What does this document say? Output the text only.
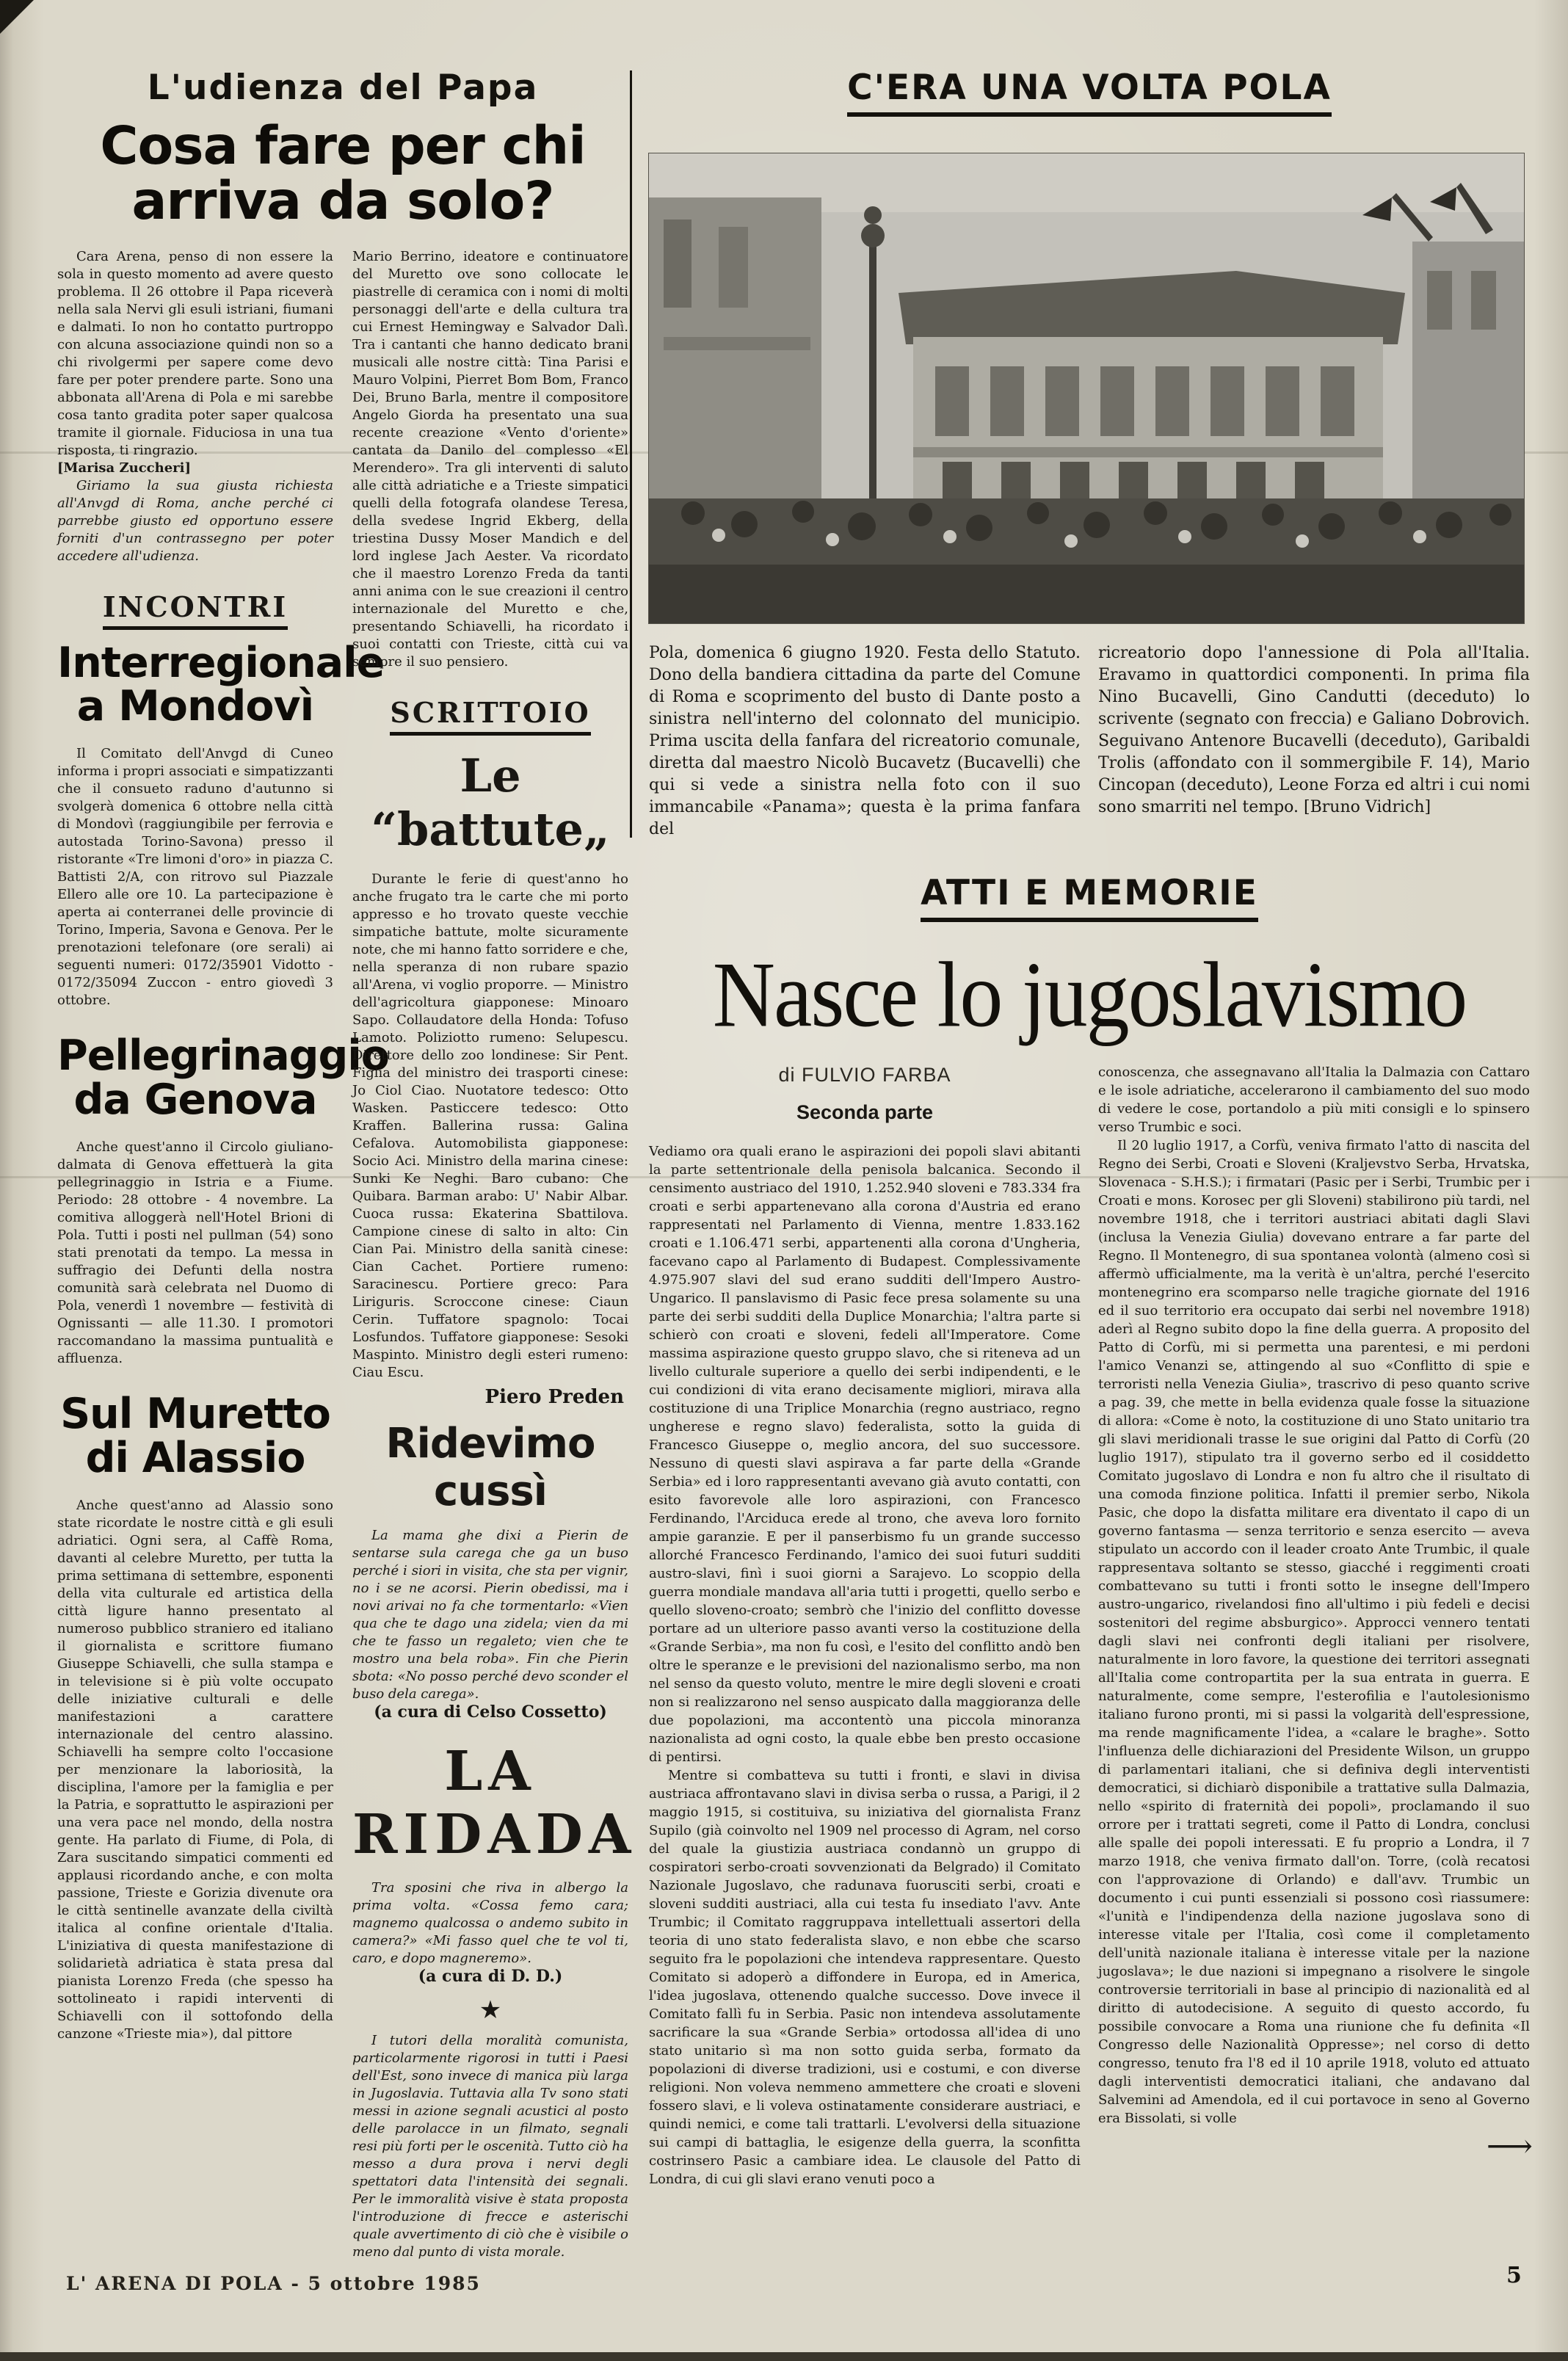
L'udienza del Papa
Cosa fare per chi arriva da solo?

Cara Arena, penso di non essere la sola in questo momento ad avere questo problema. Il 26 ottobre il Papa riceverà nella sala Nervi gli esuli istriani, fiumani e dalmati. Io non ho contatto purtroppo con alcuna associazione quindi non so a chi rivolgermi per sapere come devo fare per poter prendere parte. Sono una abbonata all'Arena di Pola e mi sarebbe cosa tanto gradita poter saper qualcosa tramite il giornale. Fiduciosa in una tua risposta, ti ringrazio.

[Marisa Zuccheri]

Giriamo la sua giusta richiesta all'Anvgd di Roma, anche perché ci parrebbe giusto ed opportuno essere forniti d'un contrassegno per poter accedere all'udienza.

INCONTRI
Interregionale a Mondovì

Il Comitato dell'Anvgd di Cuneo informa i propri associati e simpatizzanti che il consueto raduno d'autunno si svolgerà domenica 6 ottobre nella città di Mondovì (raggiungibile per ferrovia e autostada Torino-Savona) presso il ristorante «Tre limoni d'oro» in piazza C. Battisti 2/A, con ritrovo sul Piazzale Ellero alle ore 10. La partecipazione è aperta ai conterranei delle provincie di Torino, Imperia, Savona e Genova. Per le prenotazioni telefonare (ore serali) ai seguenti numeri: 0172/35901 Vidotto - 0172/35094 Zuccon - entro giovedì 3 ottobre.

Pellegrinaggio da Genova

Anche quest'anno il Circolo giuliano-dalmata di Genova effettuerà la gita pellegrinaggio in Istria e a Fiume. Periodo: 28 ottobre - 4 novembre. La comitiva alloggerà nell'Hotel Brioni di Pola. Tutti i posti nel pullman (54) sono stati prenotati da tempo. La messa in suffragio dei Defunti della nostra comunità sarà celebrata nel Duomo di Pola, venerdì 1 novembre — festività di Ognissanti — alle 11.30. I promotori raccomandano la massima puntualità e affluenza.

Sul Muretto di Alassio

Anche quest'anno ad Alassio sono state ricordate le nostre città e gli esuli adriatici. Ogni sera, al Caffè Roma, davanti al celebre Muretto, per tutta la prima settimana di settembre, esponenti della vita culturale ed artistica della città ligure hanno presentato al numeroso pubblico straniero ed italiano il giornalista e scrittore fiumano Giuseppe Schiavelli, che sulla stampa e in televisione si è più volte occupato delle iniziative culturali e delle manifestazioni a carattere internazionale del centro alassino. Schiavelli ha sempre colto l'occasione per menzionare la laboriosità, la disciplina, l'amore per la famiglia e per la Patria, e soprattutto le aspirazioni per una vera pace nel mondo, della nostra gente. Ha parlato di Fiume, di Pola, di Zara suscitando simpatici commenti ed applausi ricordando anche, e con molta passione, Trieste e Gorizia divenute ora le città sentinelle avanzate della civiltà italica al confine orientale d'Italia. L'iniziativa di questa manifestazione di solidarietà adriatica è stata presa dal pianista Lorenzo Freda (che spesso ha sottolineato i rapidi interventi di Schiavelli con il sottofondo della canzone «Trieste mia»), dal pittore

Mario Berrino, ideatore e continuatore del Muretto ove sono collocate le piastrelle di ceramica con i nomi di molti personaggi dell'arte e della cultura tra cui Ernest Hemingway e Salvador Dalì. Tra i cantanti che hanno dedicato brani musicali alle nostre città: Tina Parisi e Mauro Volpini, Pierret Bom Bom, Franco Dei, Bruno Barla, mentre il compositore Angelo Giorda ha presentato una sua recente creazione «Vento d'oriente» cantata da Danilo del complesso «El Merendero». Tra gli interventi di saluto alle città adriatiche e a Trieste simpatici quelli della fotografa olandese Teresa, della svedese Ingrid Ekberg, della triestina Dussy Moser Mandich e del lord inglese Jach Aester. Va ricordato che il maestro Lorenzo Freda da tanti anni anima con le sue creazioni il centro internazionale del Muretto e che, presentando Schiavelli, ha ricordato i suoi contatti con Trieste, città cui va sempre il suo pensiero.

SCRITTOIO
Le “battute„

Durante le ferie di quest'anno ho anche frugato tra le carte che mi porto appresso e ho trovato queste vecchie simpatiche battute, molte sicuramente note, che mi hanno fatto sorridere e che, nella speranza di non rubare spazio all'Arena, vi voglio proporre. — Ministro dell'agricoltura giapponese: Minoaro Sapo. Collaudatore della Honda: Tofuso Lamoto. Poliziotto rumeno: Selupescu. Direttore dello zoo londinese: Sir Pent. Figlia del ministro dei trasporti cinese: Jo Ciol Ciao. Nuotatore tedesco: Otto Wasken. Pasticcere tedesco: Otto Kraffen. Ballerina russa: Galina Cefalova. Automobilista giapponese: Socio Aci. Ministro della marina cinese: Sunki Ke Neghi. Baro cubano: Che Quibara. Barman arabo: U' Nabir Albar. Cuoca russa: Ekaterina Sbattilova. Campione cinese di salto in alto: Cin Cian Pai. Ministro della sanità cinese: Cian Cachet. Portiere rumeno: Saracinescu. Portiere greco: Para Liriguris. Scroccone cinese: Ciaun Cerin. Tuffatore spagnolo: Tocai Losfundos. Tuffatore giapponese: Sesoki Maspinto. Ministro degli esteri rumeno: Ciau Escu.

Piero Preden
Ridevimo cussì

La mama ghe dixi a Pierin de sentarse sula carega che ga un buso perché i siori in visita, che sta per vignir, no i se ne acorsi. Pierin obedissi, ma i novi arivai no fa che tormentarlo: «Vien qua che te dago una zidela; vien da mi che te fasso un regaleto; vien che te mostro una bela roba». Fin che Pierin sbota: «No posso perché devo sconder el buso dela carega».

(a cura di Celso Cossetto)

LA RIDADA

Tra sposini che riva in albergo la prima volta. «Cossa femo cara; magnemo qualcossa o andemo subito in camera?» «Mi fasso quel che te vol ti, caro, e dopo magneremo».

(a cura di D. D.)

★

I tutori della moralità comunista, particolarmente rigorosi in tutti i Paesi dell'Est, sono invece di manica più larga in Jugoslavia. Tuttavia alla Tv sono stati messi in azione segnali acustici al posto delle parolacce in un filmato, segnali resi più forti per le oscenità. Tutto ciò ha messo a dura prova i nervi degli spettatori data l'intensità dei segnali. Per le immoralità visive è stata proposta l'introduzione di frecce e asterischi quale avvertimento di ciò che è visibile o meno dal punto di vista morale.

C'ERA UNA VOLTA POLA
Pola, domenica 6 giugno 1920. Festa dello Statuto. Dono della bandiera cittadina da parte del Comune di Roma e scoprimento del busto di Dante posto a sinistra nell'interno del colonnato del municipio. Prima uscita della fanfara del ricreatorio comunale, diretta dal maestro Nicolò Bucavetz (Bucavelli) che qui si vede a sinistra nella foto con il suo immancabile «Panama»; questa è la prima fanfara del
ricreatorio dopo l'annessione di Pola all'Italia. Eravamo in quattordici componenti. In prima fila Nino Bucavelli, Gino Candutti (deceduto) lo scrivente (segnato con freccia) e Galiano Dobrovich. Seguivano Antenore Bucavelli (deceduto), Garibaldi Trolis (affondato con il sommergibile F. 14), Mario Cincopan (deceduto), Leone Forza ed altri i cui nomi sono smarriti nel tempo. [Bruno Vidrich]
ATTI E MEMORIE
Nasce lo jugoslavismo
di FULVIO FARBA
Seconda parte

Vediamo ora quali erano le aspirazioni dei popoli slavi abitanti la parte settentrionale della penisola balcanica. Secondo il censimento austriaco del 1910, 1.252.940 sloveni e 783.334 fra croati e serbi appartenevano alla corona d'Austria ed erano rappresentati nel Parlamento di Vienna, mentre 1.833.162 croati e 1.106.471 serbi, appartenenti alla corona d'Ungheria, facevano capo al Parlamento di Budapest. Complessivamente 4.975.907 slavi del sud erano sudditi dell'Impero Austro-Ungarico. Il panslavismo di Pasic fece presa solamente su una parte dei serbi sudditi della Duplice Monarchia; l'altra parte si schierò con croati e sloveni, fedeli all'Imperatore. Come massima aspirazione questo gruppo slavo, che si riteneva ad un livello culturale superiore a quello dei serbi indipendenti, e le cui condizioni di vita erano decisamente migliori, mirava alla costituzione di una Triplice Monarchia (regno austriaco, regno ungherese e regno slavo) federalista, sotto la guida di Francesco Giuseppe o, meglio ancora, del suo successore. Nessuno di questi slavi aspirava a far parte della «Grande Serbia» ed i loro rappresentanti avevano già avuto contatti, con esito favorevole alle loro aspirazioni, con Francesco Ferdinando, l'Arciduca erede al trono, che aveva loro fornito ampie garanzie. E per il panserbismo fu un grande successo allorché Francesco Ferdinando, l'amico dei suoi futuri sudditi austro-slavi, finì i suoi giorni a Sarajevo. Lo scoppio della guerra mondiale mandava all'aria tutti i progetti, quello serbo e quello sloveno-croato; sembrò che l'inizio del conflitto dovesse portare ad un ulteriore passo avanti verso la costituzione della «Grande Serbia», ma non fu così, e l'esito del conflitto andò ben oltre le speranze e le previsioni del nazionalismo serbo, ma non nel senso da questo voluto, mentre le mire degli sloveni e croati non si realizzarono nel senso auspicato dalla maggioranza delle due popolazioni, ma accontentò una piccola minoranza nazionalista ad ogni costo, la quale ebbe ben presto occasione di pentirsi.

Mentre si combatteva su tutti i fronti, e slavi in divisa austriaca affrontavano slavi in divisa serba o russa, a Parigi, il 2 maggio 1915, si costituiva, su iniziativa del giornalista Franz Supilo (già coinvolto nel 1909 nel processo di Agram, nel corso del quale la giustizia austriaca condannò un gruppo di cospiratori serbo-croati sovvenzionati da Belgrado) il Comitato Nazionale Jugoslavo, che radunava fuorusciti serbi, croati e sloveni sudditi austriaci, alla cui testa fu insediato l'avv. Ante Trumbic; il Comitato raggruppava intellettuali assertori della teoria di uno stato federalista slavo, e non ebbe che scarso seguito fra le popolazioni che intendeva rappresentare. Questo Comitato si adoperò a diffondere in Europa, ed in America, l'idea jugoslava, ottenendo qualche successo. Dove invece il Comitato fallì fu in Serbia. Pasic non intendeva assolutamente sacrificare la sua «Grande Serbia» ortodossa all'idea di uno stato unitario sì ma non sotto guida serba, formato da popolazioni di diverse tradizioni, usi e costumi, e con diverse religioni. Non voleva nemmeno ammettere che croati e sloveni fossero slavi, e li voleva ostinatamente considerare austriaci, e quindi nemici, e come tali trattarli. L'evolversi della situazione sui campi di battaglia, le esigenze della guerra, la sconfitta costrinsero Pasic a cambiare idea. Le clausole del Patto di Londra, di cui gli slavi erano venuti poco a

conoscenza, che assegnavano all'Italia la Dalmazia con Cattaro e le isole adriatiche, accelerarono il cambiamento del suo modo di vedere le cose, portandolo a più miti consigli e lo spinsero verso Trumbic e soci.

Il 20 luglio 1917, a Corfù, veniva firmato l'atto di nascita del Regno dei Serbi, Croati e Sloveni (Kraljevstvo Serba, Hrvatska, Slovenaca - S.H.S.); i firmatari (Pasic per i Serbi, Trumbic per i Croati e mons. Korosec per gli Sloveni) stabilirono più tardi, nel novembre 1918, che i territori austriaci abitati dagli Slavi (inclusa la Venezia Giulia) dovevano entrare a far parte del Regno. Il Montenegro, di sua spontanea volontà (almeno così si affermò ufficialmente, ma la verità è un'altra, perché l'esercito montenegrino era scomparso nelle tragiche giornate del 1916 ed il suo territorio era occupato dai serbi nel novembre 1918) aderì al Regno subito dopo la fine della guerra. A proposito del Patto di Corfù, mi si permetta una parentesi, e mi perdoni l'amico Venanzi se, attingendo al suo «Conflitto di spie e terroristi nella Venezia Giulia», trascrivo di peso quanto scrive a pag. 39, che mette in bella evidenza quale fosse la situazione di allora: «Come è noto, la costituzione di uno Stato unitario tra gli slavi meridionali trasse le sue origini dal Patto di Corfù (20 luglio 1917), stipulato tra il governo serbo ed il cosiddetto Comitato jugoslavo di Londra e non fu altro che il risultato di una comoda finzione politica. Infatti il premier serbo, Nikola Pasic, che dopo la disfatta militare era diventato il capo di un governo fantasma — senza territorio e senza esercito — aveva stipulato un accordo con il leader croato Ante Trumbic, il quale rappresentava soltanto se stesso, giacché i reggimenti croati combattevano su tutti i fronti sotto le insegne dell'Impero austro-ungarico, rivelandosi fino all'ultimo i più fedeli e decisi sostenitori del regime absburgico». Approcci vennero tentati dagli slavi nei confronti degli italiani per risolvere, naturalmente in loro favore, la questione dei territori assegnati all'Italia come contropartita per la sua entrata in guerra. E naturalmente, come sempre, l'esterofilia e l'autolesionismo italiano furono pronti, mi si passi la volgarità dell'espressione, ma rende magnificamente l'idea, a «calare le braghe». Sotto l'influenza delle dichiarazioni del Presidente Wilson, un gruppo di parlamentari italiani, che si definiva degli interventisti democratici, si dichiarò disponibile a trattative sulla Dalmazia, nello «spirito di fraternità dei popoli», proclamando il suo orrore per i trattati segreti, come il Patto di Londra, conclusi alle spalle dei popoli interessati. E fu proprio a Londra, il 7 marzo 1918, che veniva firmato dall'on. Torre, (colà recatosi con l'approvazione di Orlando) e dall'avv. Trumbic un documento i cui punti essenziali si possono così riassumere: «l'unità e l'indipendenza della nazione jugoslava sono di interesse vitale per l'Italia, così come il completamento dell'unità nazionale italiana è interesse vitale per la nazione jugoslava»; le due nazioni si impegnano a risolvere le singole controversie territoriali in base al principio di nazionalità ed al diritto di autodecisione. A seguito di questo accordo, fu possibile convocare a Roma una riunione che fu definita «Il Congresso delle Nazionalità Oppresse»; nel corso di detto congresso, tenuto fra l'8 ed il 10 aprile 1918, voluto ed attuato dagli interventisti democratici italiani, che andavano dal Salvemini ad Amendola, ed il cui portavoce in seno al Governo era Bissolati, si volle

⟶
L' ARENA DI POLA - 5 ottobre 1985	5
